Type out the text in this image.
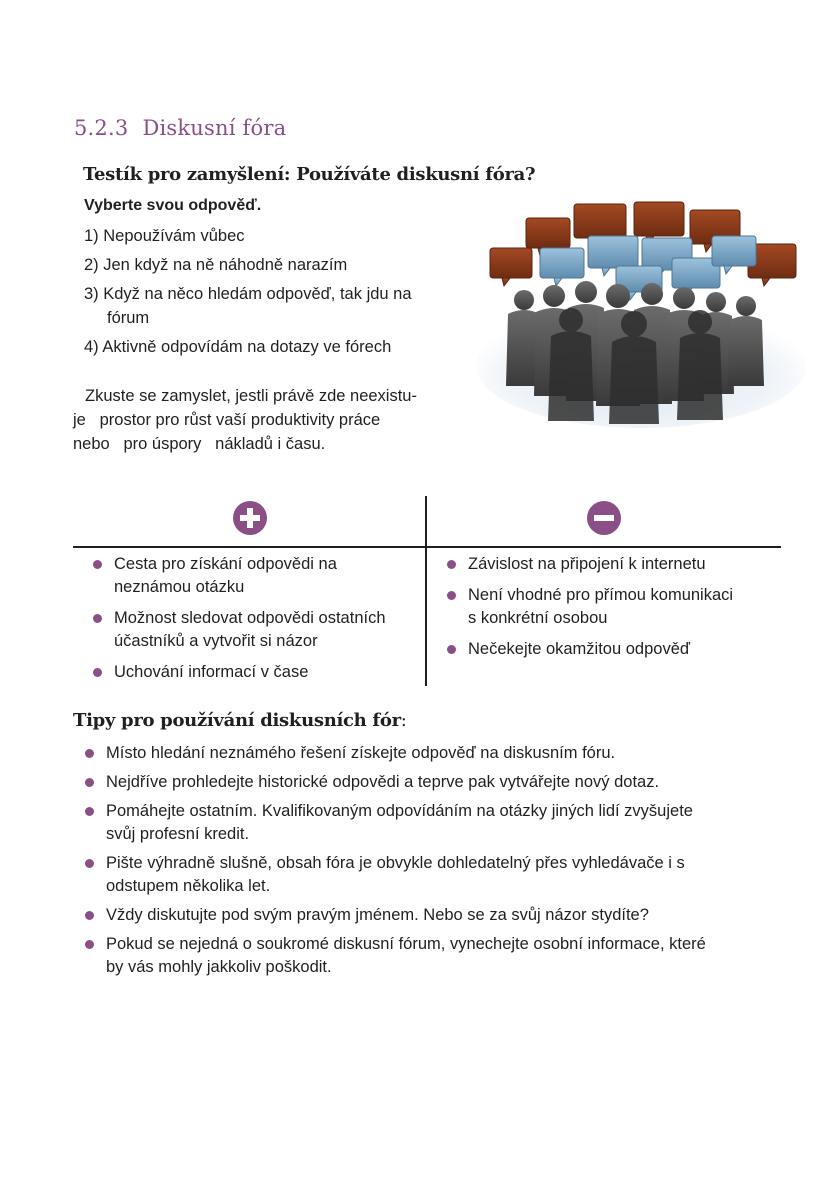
5.2.3 Diskusní fóra
Testík pro zamyšlení: Používáte diskusní fóra?
Vyberte svou odpověď.
1) Nepoužívám vůbec
2) Jen když na ně náhodně narazím
3) Když na něco hledám odpověď, tak jdu na
fórum
4) Aktivně odpovídám na dotazy ve fórech
Zkuste se zamyslet, jestli právě zde neexistu-
je   prostor pro růst vaší produktivity práce
nebo   pro úspory   nákladů i času.
Cesta pro získání odpovědi na
neznámou otázku
Možnost sledovat odpovědi ostatních
účastníků a vytvořit si názor
Uchování informací v čase
Závislost na připojení k internetu
Není vhodné pro přímou komunikaci
s konkrétní osobou
Nečekejte okamžitou odpověď
Tipy pro používání diskusních fór:
Místo hledání neznámého řešení získejte odpověď na diskusním fóru.
Nejdříve prohledejte historické odpovědi a teprve pak vytvářejte nový dotaz.
Pomáhejte ostatním. Kvalifikovaným odpovídáním na otázky jiných lidí zvyšujete
svůj profesní kredit.
Pište výhradně slušně, obsah fóra je obvykle dohledatelný přes vyhledávače i s
odstupem několika let.
Vždy diskutujte pod svým pravým jménem. Nebo se za svůj názor stydíte?
Pokud se nejedná o soukromé diskusní fórum, vynechejte osobní informace, které
by vás mohly jakkoliv poškodit.
